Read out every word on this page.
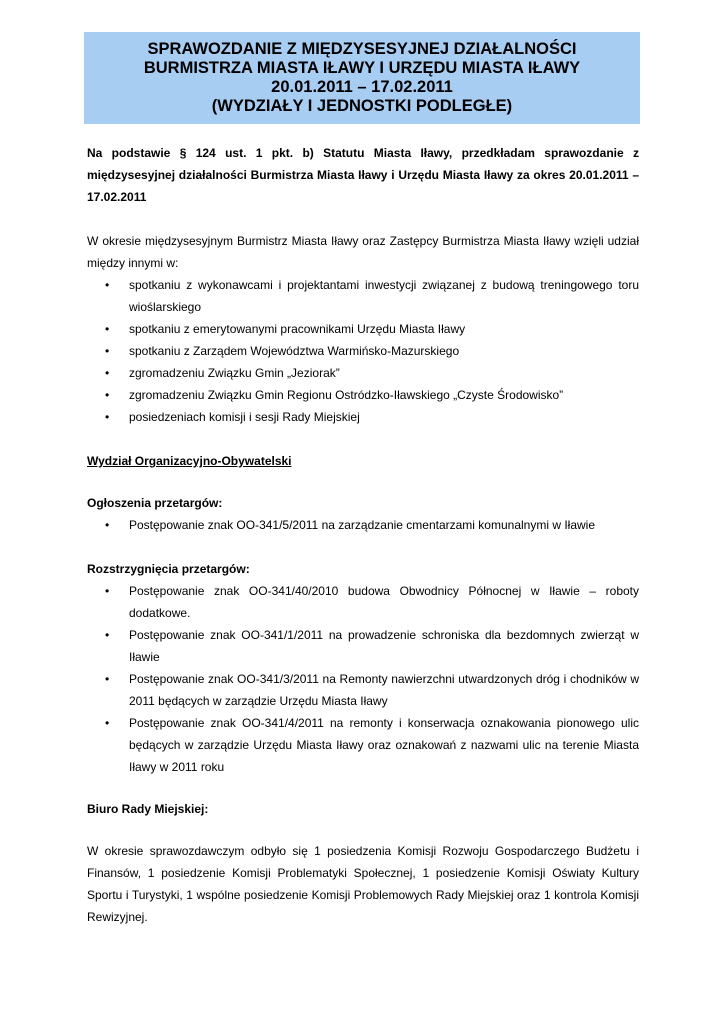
SPRAWOZDANIE Z MIĘDZYSESYJNEJ DZIAŁALNOŚCI
BURMISTRZA MIASTA IŁAWY I URZĘDU MIASTA IŁAWY
20.01.2011 – 17.02.2011
(WYDZIAŁY I JEDNOSTKI PODLEGŁE)

Na podstawie § 124 ust. 1 pkt. b) Statutu Miasta Iławy, przedkładam sprawozdanie z międzysesyjnej działalności Burmistrza Miasta Iławy i Urzędu Miasta Iławy za okres 20.01.2011 – 17.02.2011

W okresie międzysesyjnym Burmistrz Miasta Iławy oraz Zastępcy Burmistrza Miasta Iławy wzięli udział między innymi w:

• spotkaniu z wykonawcami i projektantami inwestycji związanej z budową treningowego toru wioślarskiego
• spotkaniu z emerytowanymi pracownikami Urzędu Miasta Iławy
• spotkaniu z Zarządem Województwa Warmińsko-Mazurskiego
• zgromadzeniu Związku Gmin „Jeziorak”
• zgromadzeniu Związku Gmin Regionu Ostródzko-Iławskiego „Czyste Środowisko”
• posiedzeniach komisji i sesji Rady Miejskiej

Wydział Organizacyjno-Obywatelski

Ogłoszenia przetargów:

• Postępowanie znak OO-341/5/2011 na zarządzanie cmentarzami komunalnymi w Iławie

Rozstrzygnięcia przetargów:

• Postępowanie znak OO-341/40/2010 budowa Obwodnicy Północnej w Iławie – roboty dodatkowe.
• Postępowanie znak OO-341/1/2011 na prowadzenie schroniska dla bezdomnych zwierząt w Iławie
• Postępowanie znak OO-341/3/2011 na Remonty nawierzchni utwardzonych dróg i chodników w 2011 będących w zarządzie Urzędu Miasta Iławy
• Postępowanie znak OO-341/4/2011 na remonty i konserwacja oznakowania pionowego ulic będących w zarządzie Urzędu Miasta Iławy oraz oznakowań z nazwami ulic na terenie Miasta Iławy w 2011 roku

Biuro Rady Miejskiej:

W okresie sprawozdawczym odbyło się 1 posiedzenia Komisji Rozwoju Gospodarczego Budżetu i Finansów, 1 posiedzenie Komisji Problematyki Społecznej, 1 posiedzenie Komisji Oświaty Kultury Sportu i Turystyki, 1 wspólne posiedzenie Komisji Problemowych Rady Miejskiej oraz 1 kontrola Komisji Rewizyjnej.
